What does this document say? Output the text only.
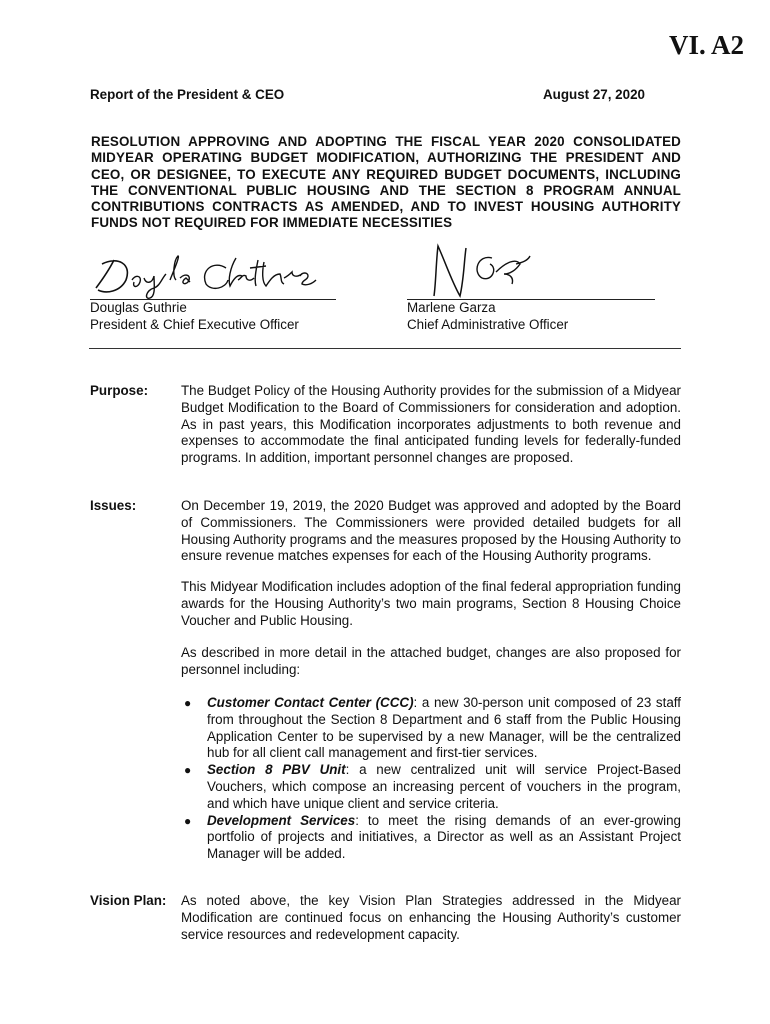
VI. A2
Report of the President & CEO	August 27, 2020
RESOLUTION APPROVING AND ADOPTING THE FISCAL YEAR 2020 CONSOLIDATED MIDYEAR OPERATING BUDGET MODIFICATION, AUTHORIZING THE PRESIDENT AND CEO, OR DESIGNEE, TO EXECUTE ANY REQUIRED BUDGET DOCUMENTS, INCLUDING THE CONVENTIONAL PUBLIC HOUSING AND THE SECTION 8 PROGRAM ANNUAL CONTRIBUTIONS CONTRACTS AS AMENDED, AND TO INVEST HOUSING AUTHORITY FUNDS NOT REQUIRED FOR IMMEDIATE NECESSITIES
Douglas Guthrie
President & Chief Executive Officer
Marlene Garza
Chief Administrative Officer
Purpose: The Budget Policy of the Housing Authority provides for the submission of a Midyear Budget Modification to the Board of Commissioners for consideration and adoption. As in past years, this Modification incorporates adjustments to both revenue and expenses to accommodate the final anticipated funding levels for federally-funded programs. In addition, important personnel changes are proposed.
Issues:	On December 19, 2019, the 2020 Budget was approved and adopted by the Board of Commissioners. The Commissioners were provided detailed budgets for all Housing Authority programs and the measures proposed by the Housing Authority to ensure revenue matches expenses for each of the Housing Authority programs.
This Midyear Modification includes adoption of the final federal appropriation funding awards for the Housing Authority’s two main programs, Section 8 Housing Choice Voucher and Public Housing.
As described in more detail in the attached budget, changes are also proposed for personnel including:
●	Customer Contact Center (CCC): a new 30-person unit composed of 23 staff from throughout the Section 8 Department and 6 staff from the Public Housing Application Center to be supervised by a new Manager, will be the centralized hub for all client call management and first-tier services.
●	Section 8 PBV Unit: a new centralized unit will service Project-Based Vouchers, which compose an increasing percent of vouchers in the program, and which have unique client and service criteria.
●	Development Services: to meet the rising demands of an ever-growing portfolio of projects and initiatives, a Director as well as an Assistant Project Manager will be added.
Vision Plan: As noted above, the key Vision Plan Strategies addressed in the Midyear Modification are continued focus on enhancing the Housing Authority’s customer service resources and redevelopment capacity.
